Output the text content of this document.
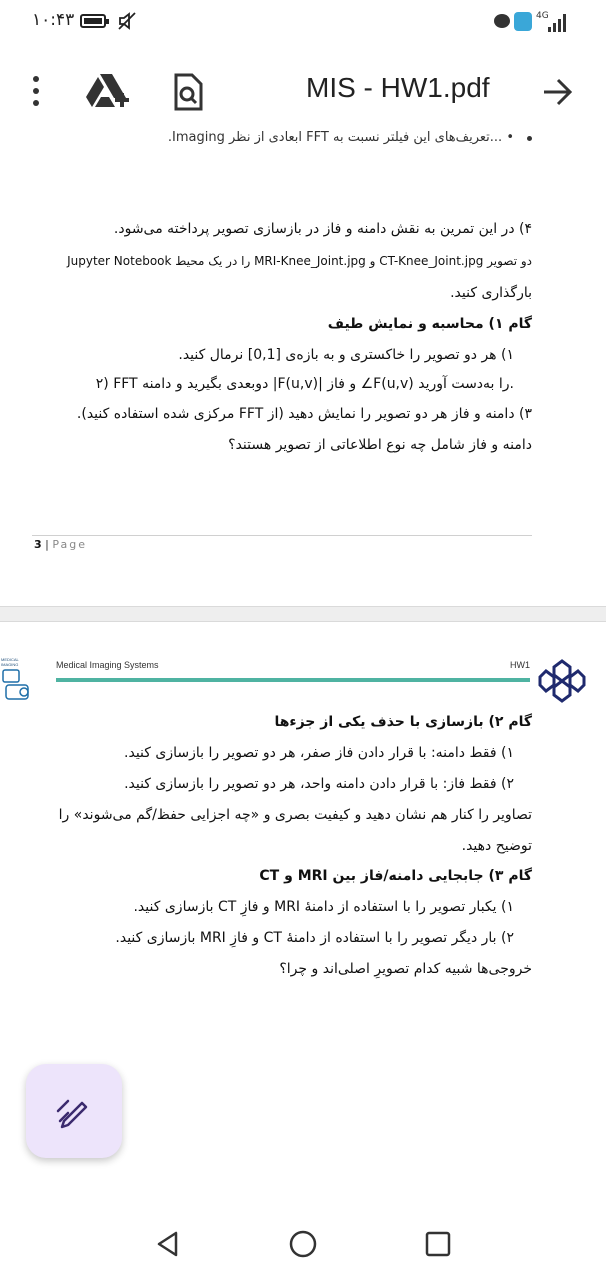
۱۰:۴۳	4G
MIS - HW1.pdf
• ...تعریف‌های این فیلتر نسبت به FFT ابعادی از نظر Imaging.
۴) در این تمرین به نقش دامنه و فاز در بازسازی تصویر پرداخته می‌شود.
دو تصویر CT-Knee_Joint.jpg و MRI-Knee_Joint.jpg را در یک محیط Jupyter Notebook
بارگذاری کنید.
گام ۱) محاسبه و نمایش طیف
۱) هر دو تصویر را خاکستری و به بازه‌ی [0,1] نرمال کنید.
۲) FFT دوبعدی بگیرید و دامنه |F(u,v)| و فاز ∠F(u,v) را به‌دست آورید.
۳) دامنه و فاز هر دو تصویر را نمایش دهید (از FFT مرکزی شده استفاده کنید).
دامنه و فاز شامل چه نوع اطلاعاتی از تصویر هستند؟
3 | Page
MEDICAL
IMAGING	Medical Imaging Systems	HW1
گام ۲) بازسازی با حذف یکی از جزءها
۱) فقط دامنه: با قرار دادن فاز صفر، هر دو تصویر را بازسازی کنید.
۲) فقط فاز: با قرار دادن دامنه واحد، هر دو تصویر را بازسازی کنید.
تصاویر را کنار هم نشان دهید و کیفیت بصری و «چه اجزایی حفظ/گم می‌شوند» را
توضیح دهید.
گام ۳) جابجایی دامنه/فاز بین MRI و CT
۱) یکبار تصویر را با استفاده از دامنهٔ MRI و فازِ CT بازسازی کنید.
۲) بار دیگر تصویر را با استفاده از دامنهٔ CT و فازِ MRI بازسازی کنید.
خروجی‌ها شبیه کدام تصویرِ اصلی‌اند و چرا؟
